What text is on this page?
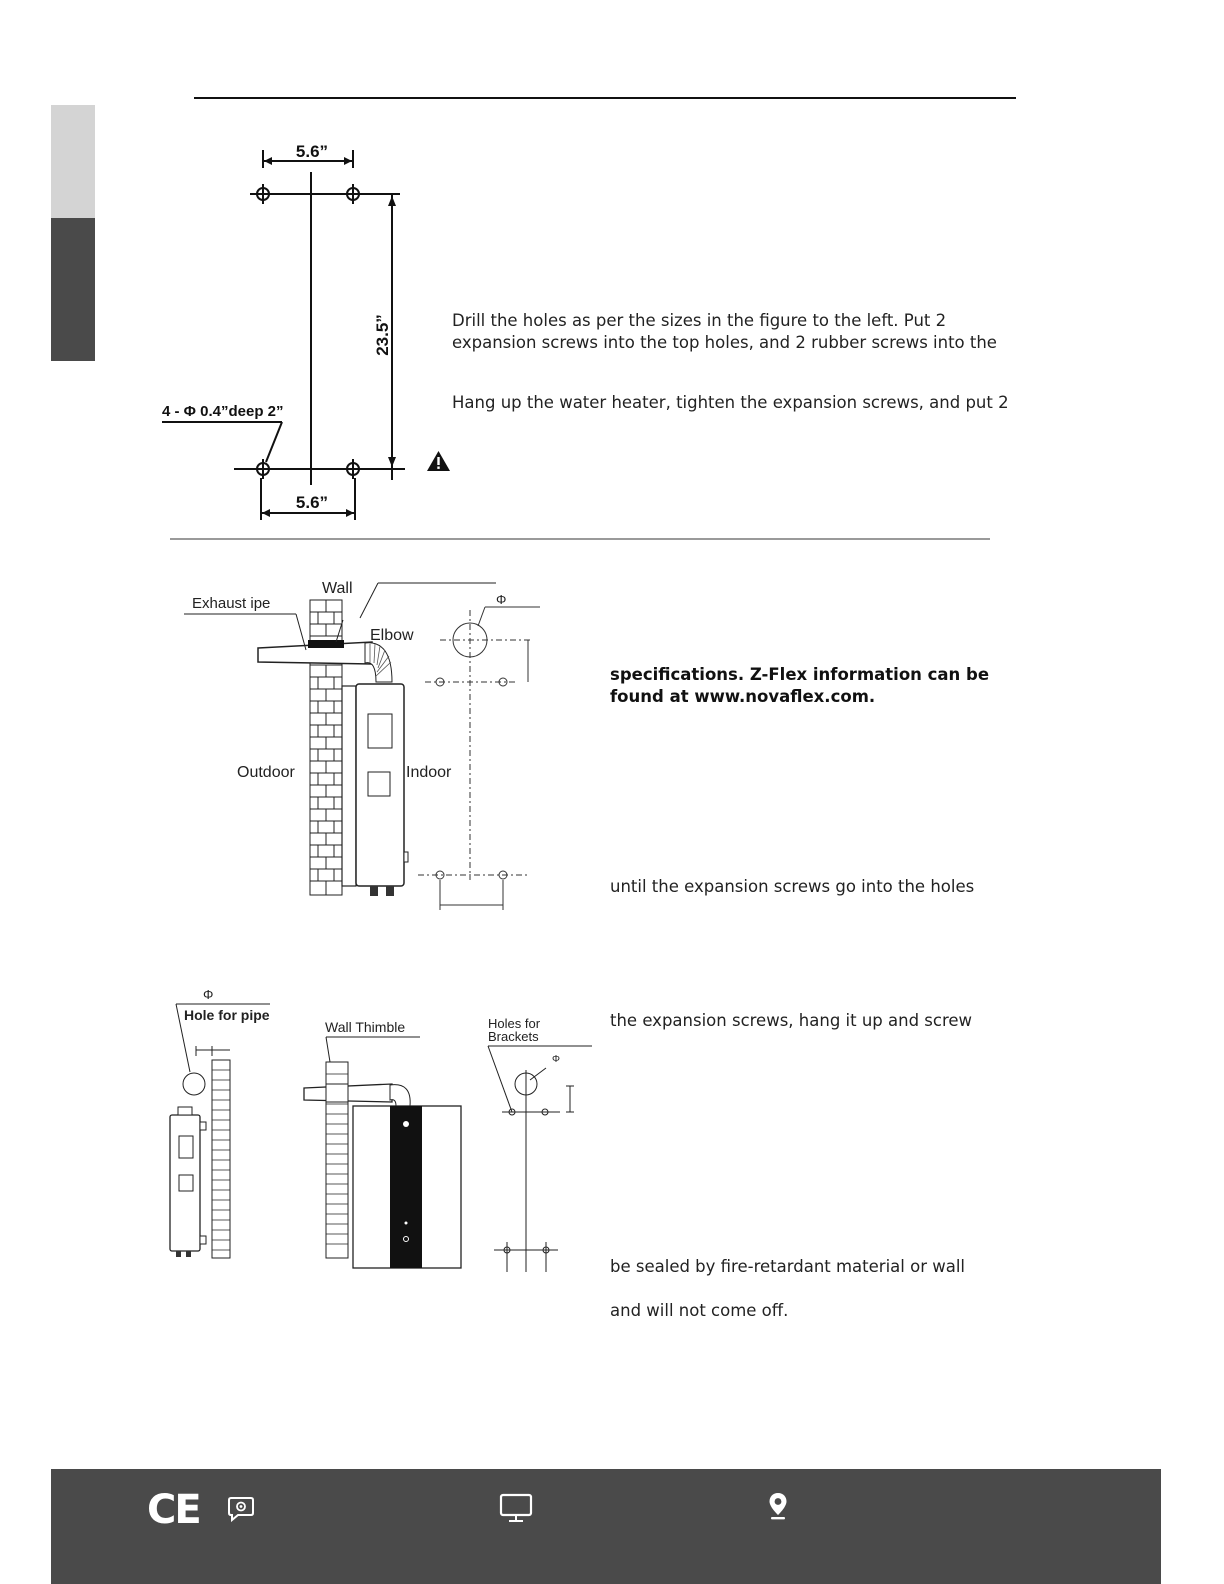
5.6”
5.6”
23.5”
4 - Φ 0.4”deep 2”
Drill the holes as per the sizes in the figure to the left. Put 2
expansion screws into the top holes, and 2 rubber screws into the
Hang up the water heater, tighten the expansion screws, and put 2
Exhaust ipe
Wall
Elbow
Outdoor	Indoor
Φ
specifications. Z-Flex information can be
found at www.novaflex.com.
until the expansion screws go into the holes
Φ
Hole for pipe
Wall Thimble	Holes for
Brackets
Φ
the expansion screws, hang it up and screw
be sealed by fire-retardant material or wall
and will not come off.
CE
